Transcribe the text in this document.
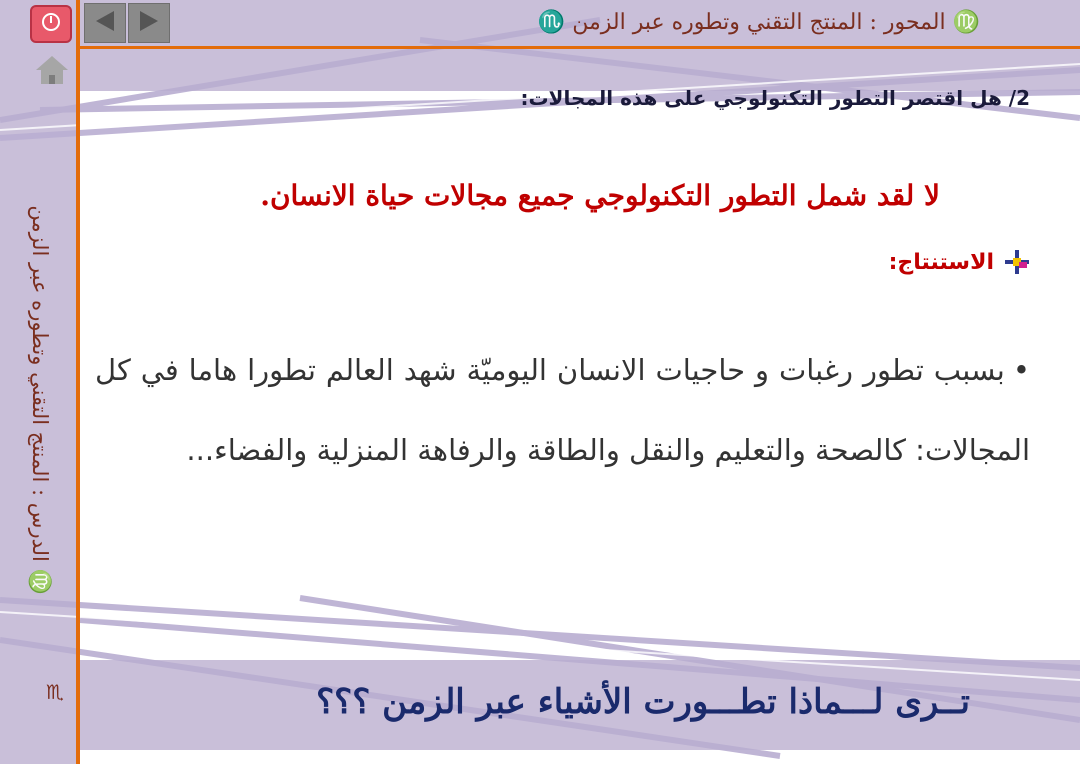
♍ المحور : المنتج التقني وتطوره عبر الزمن ♏
♍ الدرس : المنتج التقني وتطوره عبر الزمن
♏
2/ هل اقتصر التطور التكنولوجي على هذه المجالات:
لا لقد شمل التطور التكنولوجي جميع مجالات حياة الانسان.
الاستنتاج:
•بسبب تطور رغبات و حاجيات الانسان اليوميّة شهد العالم تطورا هاما في كل المجالات: كالصحة والتعليم والنقل والطاقة والرفاهة المنزلية والفضاء...
تــرى لـــماذا تطـــورت الأشياء عبر الزمن ؟؟؟
